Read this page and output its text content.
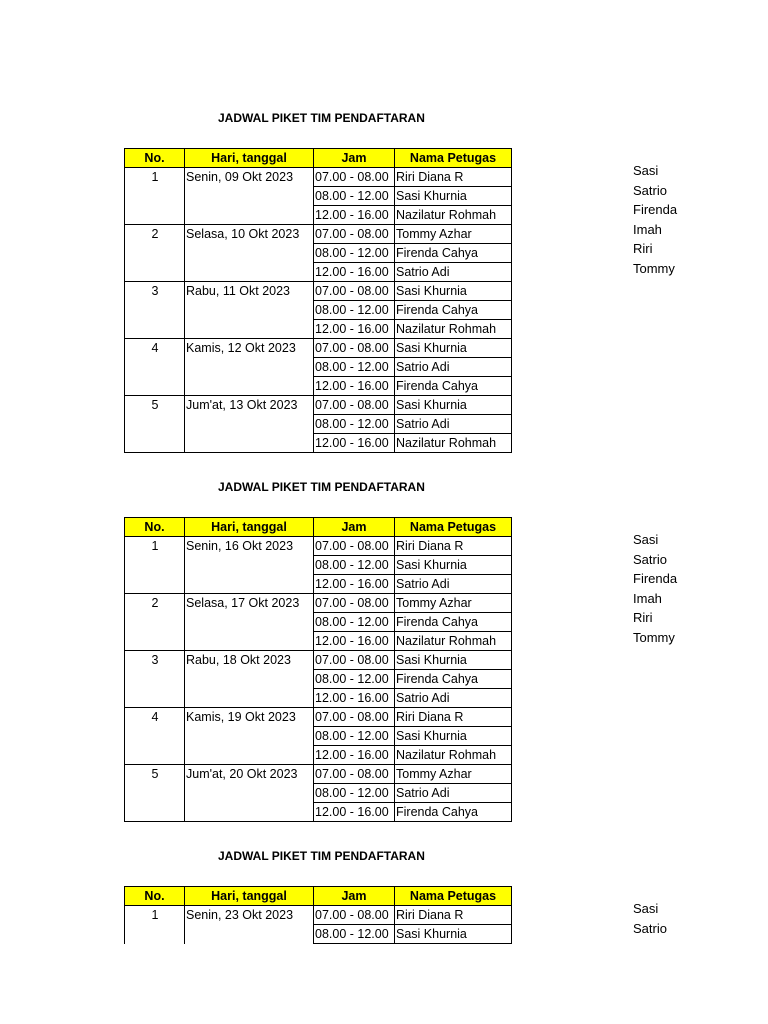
JADWAL PIKET TIM PENDAFTARAN
No.	Hari, tanggal	Jam	Nama Petugas
1	Senin, 09 Okt 2023	07.00 - 08.00	Riri Diana R
		08.00 - 12.00	Sasi Khurnia
		12.00 - 16.00	Nazilatur Rohmah
2	Selasa, 10 Okt 2023	07.00 - 08.00	Tommy Azhar
		08.00 - 12.00	Firenda Cahya
		12.00 - 16.00	Satrio Adi
3	Rabu, 11 Okt 2023	07.00 - 08.00	Sasi Khurnia
		08.00 - 12.00	Firenda Cahya
		12.00 - 16.00	Nazilatur Rohmah
4	Kamis, 12 Okt 2023	07.00 - 08.00	Sasi Khurnia
		08.00 - 12.00	Satrio Adi
		12.00 - 16.00	Firenda Cahya
5	Jum'at, 13 Okt 2023	07.00 - 08.00	Sasi Khurnia
		08.00 - 12.00	Satrio Adi
		12.00 - 16.00	Nazilatur Rohmah
Sasi
Satrio
Firenda
Imah
Riri
Tommy
JADWAL PIKET TIM PENDAFTARAN
No.	Hari, tanggal	Jam	Nama Petugas
1	Senin, 16 Okt 2023	07.00 - 08.00	Riri Diana R
		08.00 - 12.00	Sasi Khurnia
		12.00 - 16.00	Satrio Adi
2	Selasa, 17 Okt 2023	07.00 - 08.00	Tommy Azhar
		08.00 - 12.00	Firenda Cahya
		12.00 - 16.00	Nazilatur Rohmah
3	Rabu, 18 Okt 2023	07.00 - 08.00	Sasi Khurnia
		08.00 - 12.00	Firenda Cahya
		12.00 - 16.00	Satrio Adi
4	Kamis, 19 Okt 2023	07.00 - 08.00	Riri Diana R
		08.00 - 12.00	Sasi Khurnia
		12.00 - 16.00	Nazilatur Rohmah
5	Jum'at, 20 Okt 2023	07.00 - 08.00	Tommy Azhar
		08.00 - 12.00	Satrio Adi
		12.00 - 16.00	Firenda Cahya
Sasi
Satrio
Firenda
Imah
Riri
Tommy
JADWAL PIKET TIM PENDAFTARAN
No.	Hari, tanggal	Jam	Nama Petugas
1	Senin, 23 Okt 2023	07.00 - 08.00	Riri Diana R
		08.00 - 12.00	Sasi Khurnia
Sasi
Satrio
